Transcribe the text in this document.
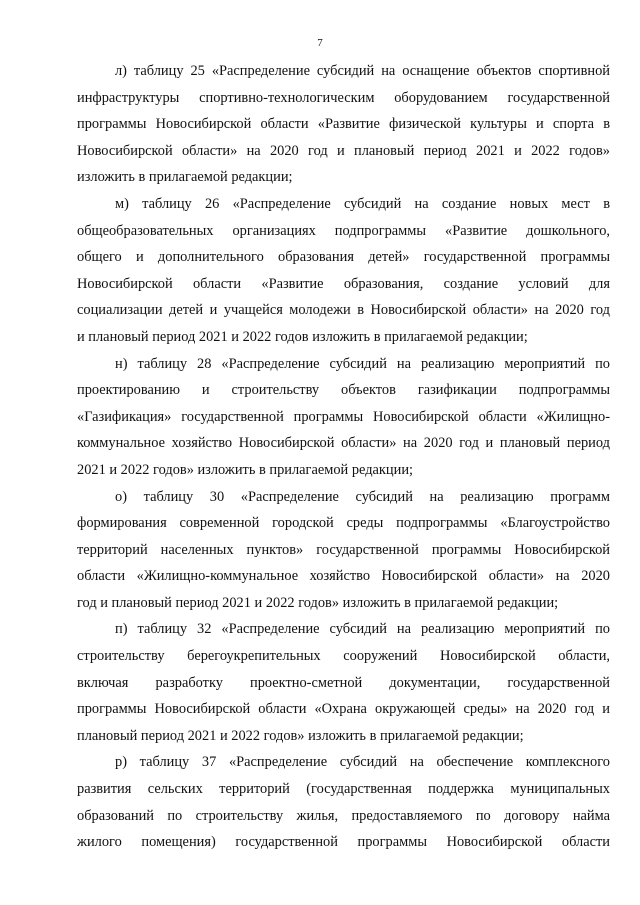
7
л) таблицу 25 «Распределение субсидий на оснащение объектов спортивной
инфраструктуры спортивно-технологическим оборудованием государственной
программы Новосибирской области «Развитие физической культуры и спорта в
Новосибирской области» на 2020 год и плановый период 2021 и 2022 годов»
изложить в прилагаемой редакции;
м) таблицу 26 «Распределение субсидий на создание новых мест в
общеобразовательных организациях подпрограммы «Развитие дошкольного,
общего и дополнительного образования детей» государственной программы
Новосибирской области «Развитие образования, создание условий для
социализации детей и учащейся молодежи в Новосибирской области» на 2020 год
и плановый период 2021 и 2022 годов изложить в прилагаемой редакции;
н) таблицу 28 «Распределение субсидий на реализацию мероприятий по
проектированию и строительству объектов газификации подпрограммы
«Газификация» государственной программы Новосибирской области «Жилищно-
коммунальное хозяйство Новосибирской области» на 2020 год и плановый период
2021 и 2022 годов» изложить в прилагаемой редакции;
о) таблицу 30 «Распределение субсидий на реализацию программ
формирования современной городской среды подпрограммы «Благоустройство
территорий населенных пунктов» государственной программы Новосибирской
области «Жилищно-коммунальное хозяйство Новосибирской области» на 2020
год и плановый период 2021 и 2022 годов» изложить в прилагаемой редакции;
п) таблицу 32 «Распределение субсидий на реализацию мероприятий по
строительству берегоукрепительных сооружений Новосибирской области,
включая разработку проектно-сметной документации, государственной
программы Новосибирской области «Охрана окружающей среды» на 2020 год и
плановый период 2021 и 2022 годов» изложить в прилагаемой редакции;
р) таблицу 37 «Распределение субсидий на обеспечение комплексного
развития сельских территорий (государственная поддержка муниципальных
образований по строительству жилья, предоставляемого по договору найма
жилого помещения) государственной программы Новосибирской области
